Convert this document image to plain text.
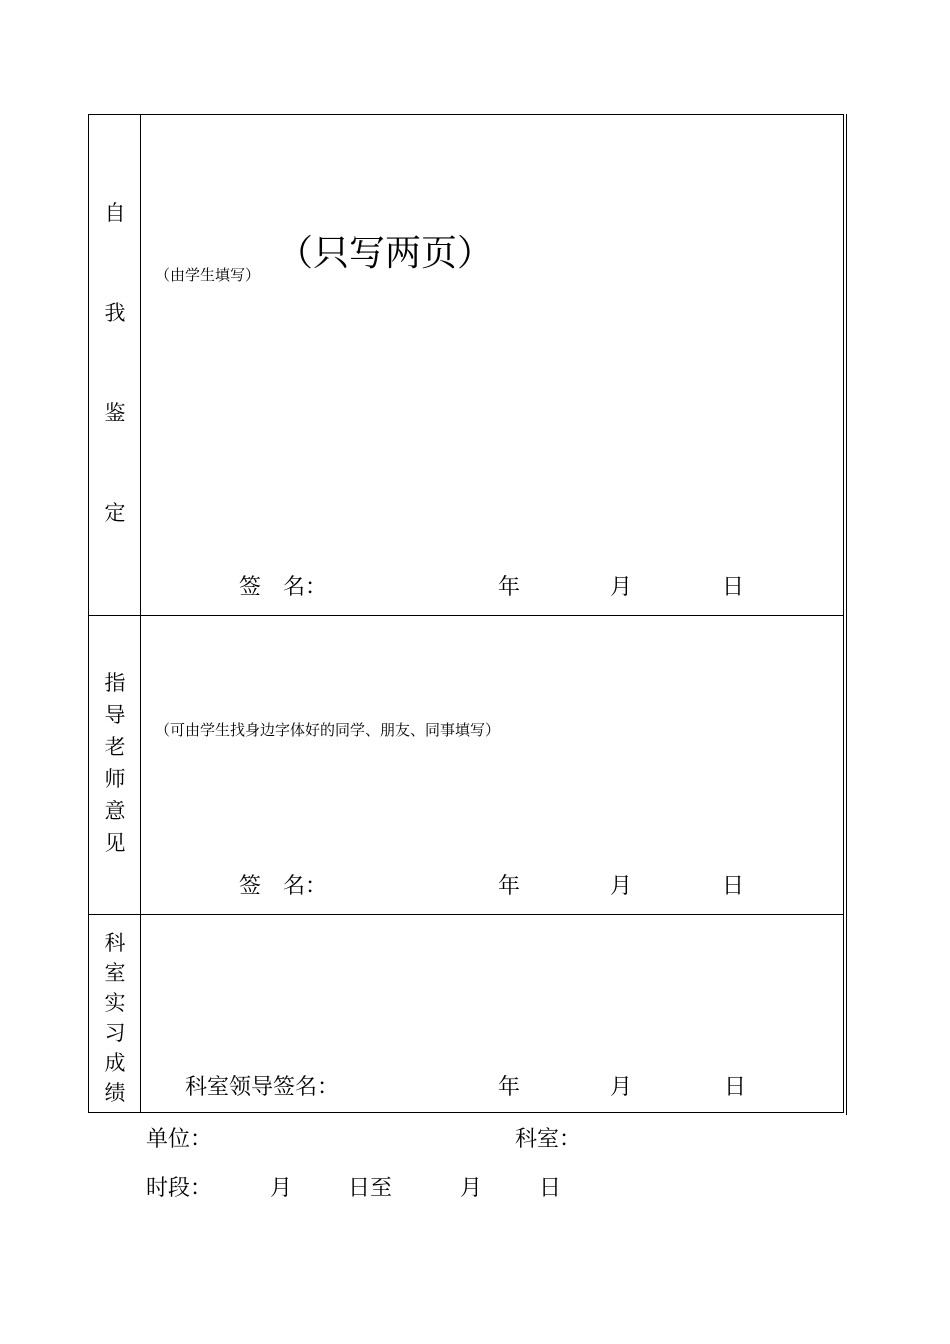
自
我
鉴
定
（由学生填写）
（只写两页）
签　名：	年	月	日
指
导
老
师
意
见
（可由学生找身边字体好的同学、朋友、同事填写）
签　名：	年	月	日
科
室
实
习
成
绩	科室领导签名：	年	月	日
单位：	科室：
时段：	月	日至	月	日
